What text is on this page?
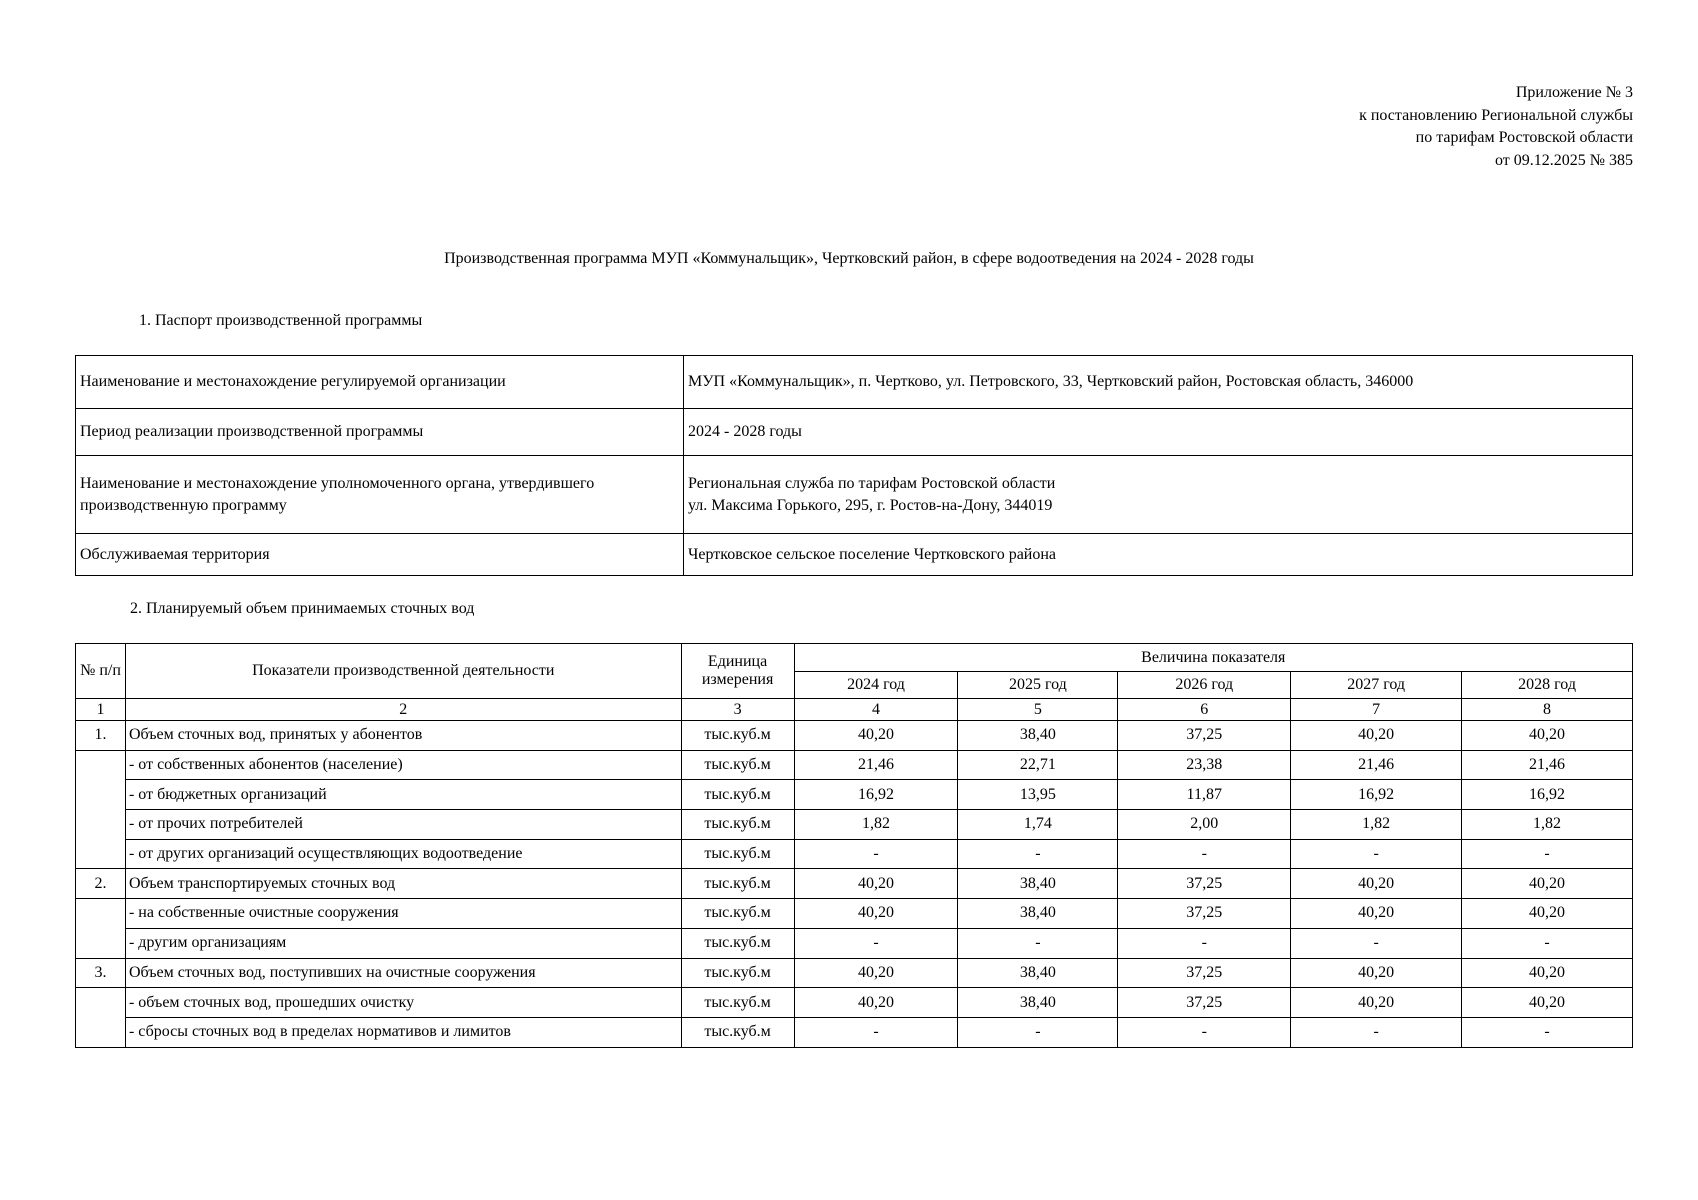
Приложение № 3
к постановлению Региональной службы
по тарифам Ростовской области
от 09.12.2025 № 385
Производственная программа МУП «Коммунальщик», Чертковский район, в сфере водоотведения на 2024 - 2028 годы
1. Паспорт производственной программы
Наименование и местонахождение регулируемой организации	МУП «Коммунальщик», п. Чертково, ул. Петровского, 33, Чертковский район, Ростовская область, 346000
Период реализации производственной программы	2024 - 2028 годы
Наименование и местонахождение уполномоченного органа, утвердившего производственную программу	Региональная служба по тарифам Ростовской области
ул. Максима Горького, 295, г. Ростов-на-Дону, 344019

Обслуживаемая территория	Чертковское сельское поселение Чертковского района
2. Планируемый объем принимаемых сточных вод
№ п/п	Показатели производственной деятельности	Единица измерения	Величина показателя				
			2024 год	2025 год	2026 год	2027 год	2028 год
1	2	3	4	5	6	7	8
1.	Объем сточных вод, принятых у абонентов	тыс.куб.м	40,20	38,40	37,25	40,20	40,20
	- от собственных абонентов (население)	тыс.куб.м	21,46	22,71	23,38	21,46	21,46
	- от бюджетных организаций	тыс.куб.м	16,92	13,95	11,87	16,92	16,92
	- от прочих потребителей	тыс.куб.м	1,82	1,74	2,00	1,82	1,82
	- от других организаций осуществляющих водоотведение	тыс.куб.м	-	-	-	-	-
2.	Объем транспортируемых сточных вод	тыс.куб.м	40,20	38,40	37,25	40,20	40,20
	- на собственные очистные сооружения	тыс.куб.м	40,20	38,40	37,25	40,20	40,20
	- другим организациям	тыс.куб.м	-	-	-	-	-
3.	Объем сточных вод, поступивших на очистные сооружения	тыс.куб.м	40,20	38,40	37,25	40,20	40,20
	- объем сточных вод, прошедших очистку	тыс.куб.м	40,20	38,40	37,25	40,20	40,20
	- сбросы сточных вод в пределах нормативов и лимитов	тыс.куб.м	-	-	-	-	-
